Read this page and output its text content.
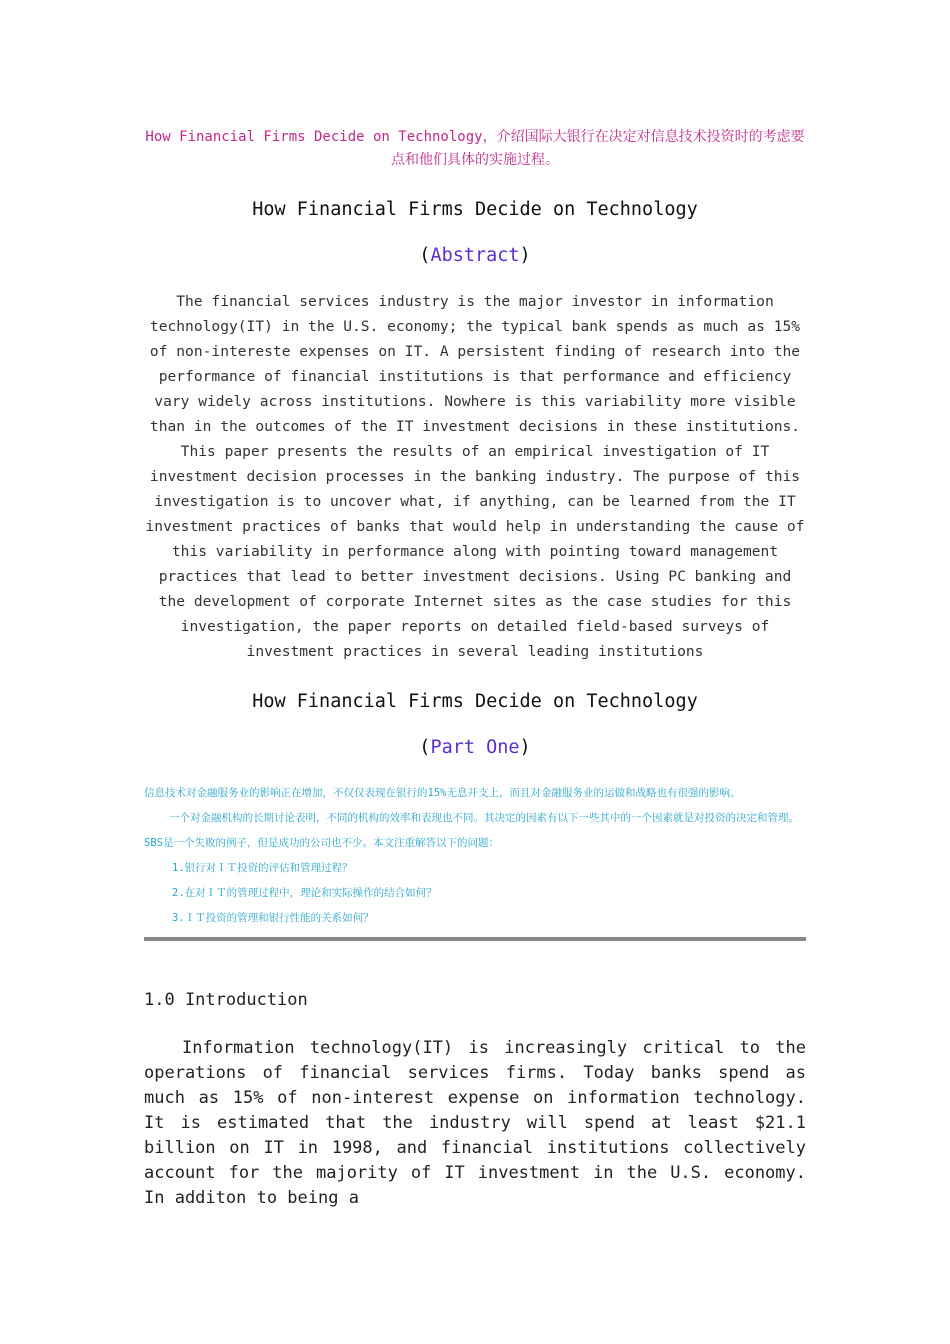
How Financial Firms Decide on Technology，介绍国际大银行在决定对信息技术投资时的考虑要

点和他们具体的实施过程。

How Financial Firms Decide on Technology
(Abstract)

The financial services industry is the major investor in information technology(IT) in the U.S. economy; the typical bank spends as much as 15% of non-intereste expenses on IT. A persistent finding of research into the performance of financial institutions is that performance and efficiency vary widely across institutions. Nowhere is this variability more visible than in the outcomes of the IT investment decisions in these institutions. This paper presents the results of an empirical investigation of IT investment decision processes in the banking industry. The purpose of this investigation is to uncover what, if anything, can be learned from the IT investment practices of banks that would help in understanding the cause of this variability in performance along with pointing toward management practices that lead to better investment decisions. Using PC banking and the development of corporate Internet sites as the case studies for this investigation, the paper reports on detailed field-based surveys of investment practices in several leading institutions

How Financial Firms Decide on Technology
(Part One)

信息技术对金融服务业的影响正在增加，不仅仅表现在银行的15%无息开支上，而且对金融服务业的运做和战略也有很强的影响。

一个对金融机构的长期讨论表明，不同的机构的效率和表现也不同。其决定的因素有以下一些其中的一个因素就是对投资的决定和管理。SBS是一个失败的例子，但是成功的公司也不少。本文注重解答以下的问题：

1.银行对ＩＴ投资的评估和管理过程？

2.在对ＩＴ的管理过程中，理论和实际操作的结合如何？

3.ＩＴ投资的管理和银行性能的关系如何？

1.0 Introduction

Information technology(IT) is increasingly critical to the operations of financial services firms. Today banks spend as much as 15% of non-interest expense on information technology. It is estimated that the industry will spend at least $21.1 billion on IT in 1998, and financial institutions collectively account for the majority of IT investment in the U.S. economy. In additon to being a
